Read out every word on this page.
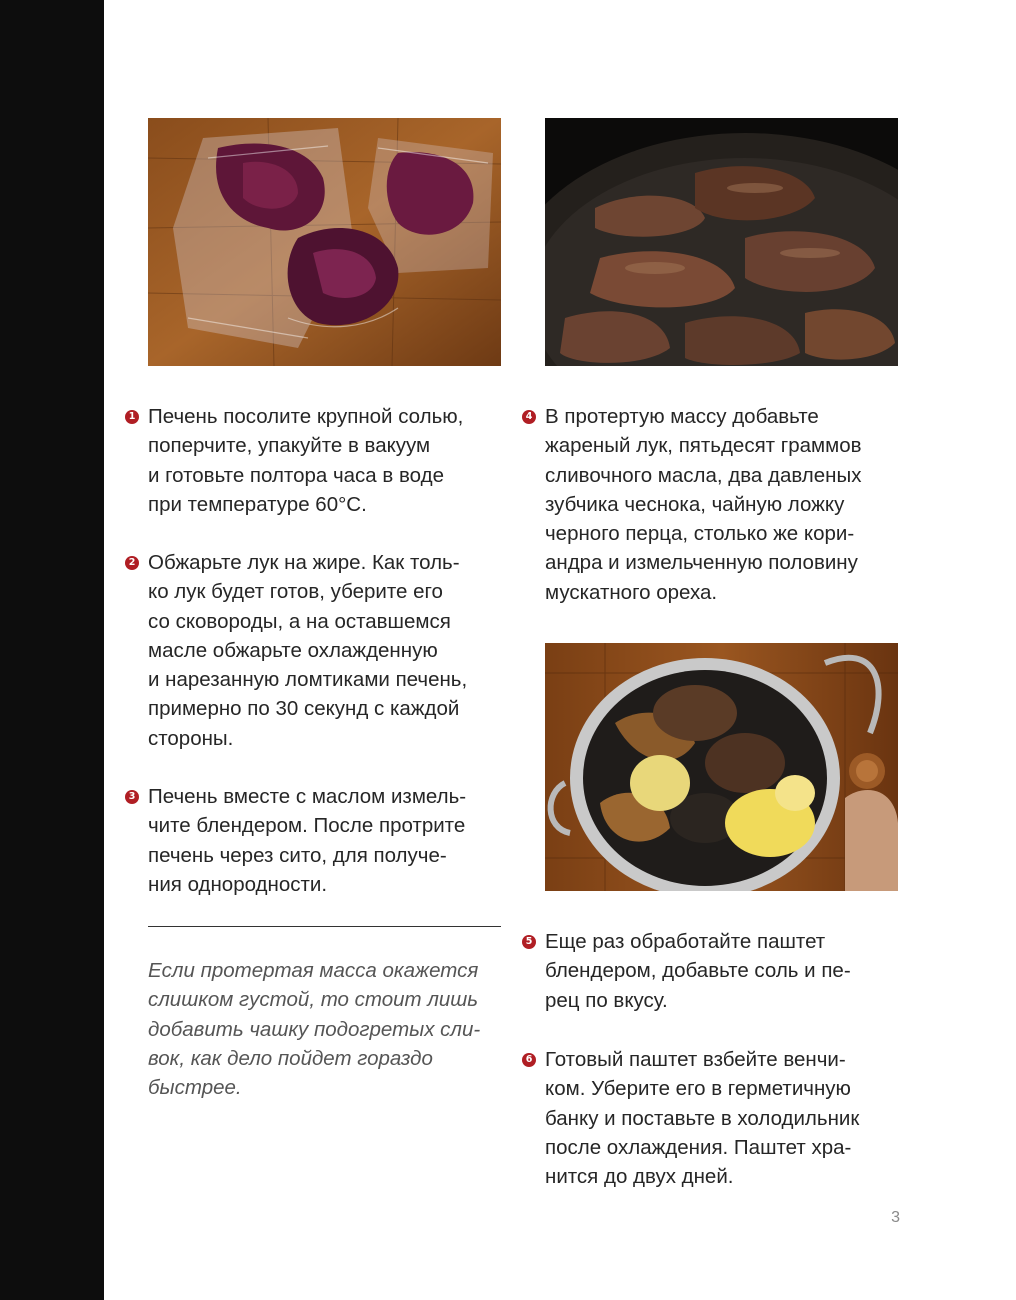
1 Печень посолите крупной солью,
поперчите, упакуйте в вакуум
и готовьте полтора часа в воде
при температуре 60°C.
2 Обжарьте лук на жире. Как толь-
ко лук будет готов, уберите его
со сковороды, а на оставшемся
масле обжарьте охлажденную
и нарезанную ломтиками печень,
примерно по 30 секунд с каждой
стороны.
3 Печень вместе с маслом измель-
чите блендером. После протрите
печень через сито, для получе-
ния однородности.
Если протертая масса окажется
слишком густой, то стоит лишь
добавить чашку подогретых сли-
вок, как дело пойдет гораздо
быстрее.
4 В протертую массу добавьте
жареный лук, пятьдесят граммов
сливочного масла, два давленых
зубчика чеснока, чайную ложку
черного перца, столько же кори-
андра и измельченную половину
мускатного ореха.
5 Еще раз обработайте паштет
блендером, добавьте соль и пе-
рец по вкусу.
6 Готовый паштет взбейте венчи-
ком. Уберите его в герметичную
банку и поставьте в холодильник
после охлаждения. Паштет хра-
нится до двух дней.
3
